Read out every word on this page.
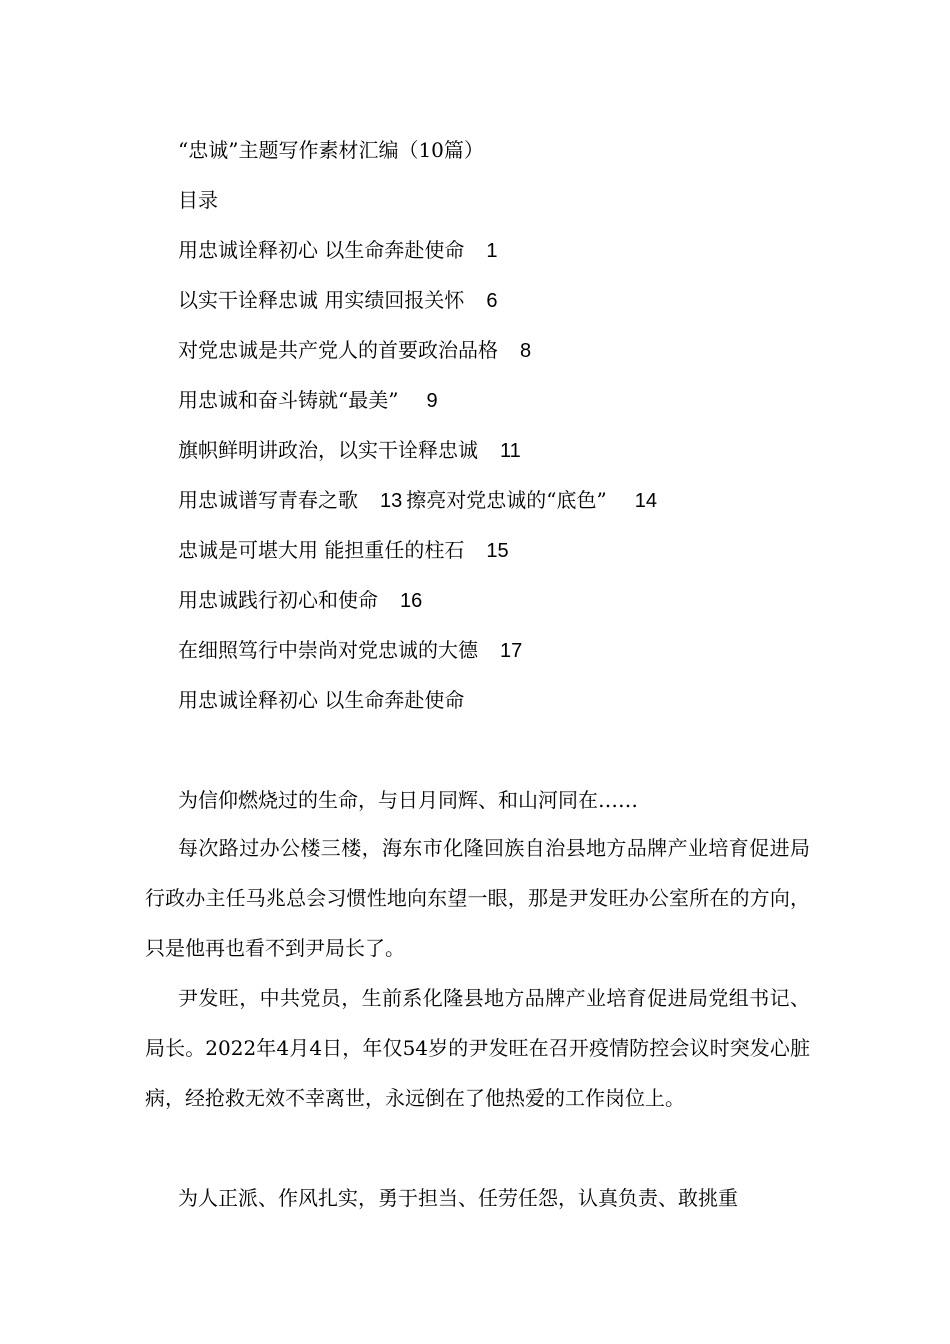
“忠诚”主题写作素材汇编（10篇）
目录
用忠诚诠释初心 以生命奔赴使命 1
以实干诠释忠诚 用实绩回报关怀 6
对党忠诚是共产党人的首要政治品格 8
用忠诚和奋斗铸就“最美” 9
旗帜鲜明讲政治，以实干诠释忠诚 11
用忠诚谱写青春之歌 13 擦亮对党忠诚的“底色” 14
忠诚是可堪大用 能担重任的柱石 15
用忠诚践行初心和使命 16
在细照笃行中崇尚对党忠诚的大德 17
用忠诚诠释初心 以生命奔赴使命

为信仰燃烧过的生命，与日月同辉、和山河同在……

每次路过办公楼三楼，海东市化隆回族自治县地方品牌产业培育促进局行政办主任马兆总会习惯性地向东望一眼，那是尹发旺办公室所在的方向，只是他再也看不到尹局长了。

尹发旺，中共党员，生前系化隆县地方品牌产业培育促进局党组书记、局长。2022年4月4日，年仅54岁的尹发旺在召开疫情防控会议时突发心脏病，经抢救无效不幸离世，永远倒在了他热爱的工作岗位上。

为人正派、作风扎实，勇于担当、任劳任怨，认真负责、敢挑重
